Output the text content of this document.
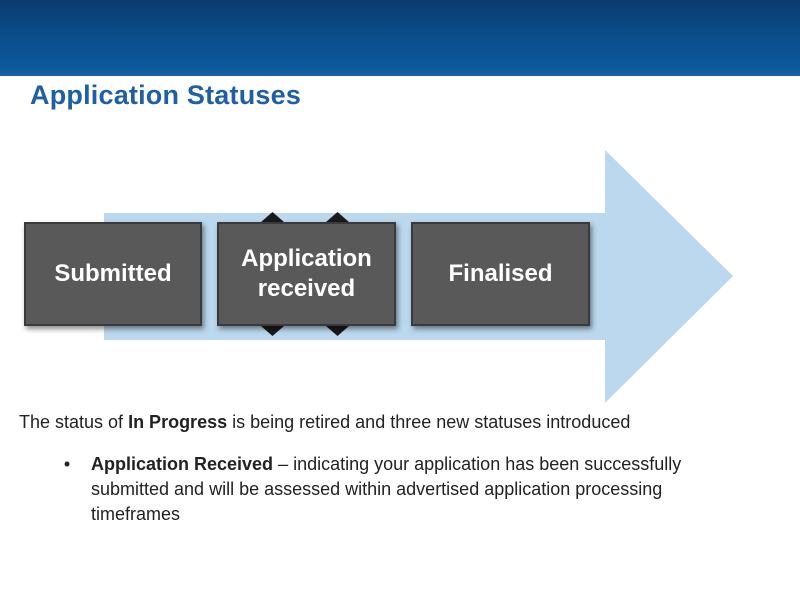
Application Statuses
Submitted
Application
received
Finalised
The status of In Progress is being retired and three new statuses introduced
• Application Received – indicating your application has been successfully submitted and will be assessed within advertised application processing timeframes
